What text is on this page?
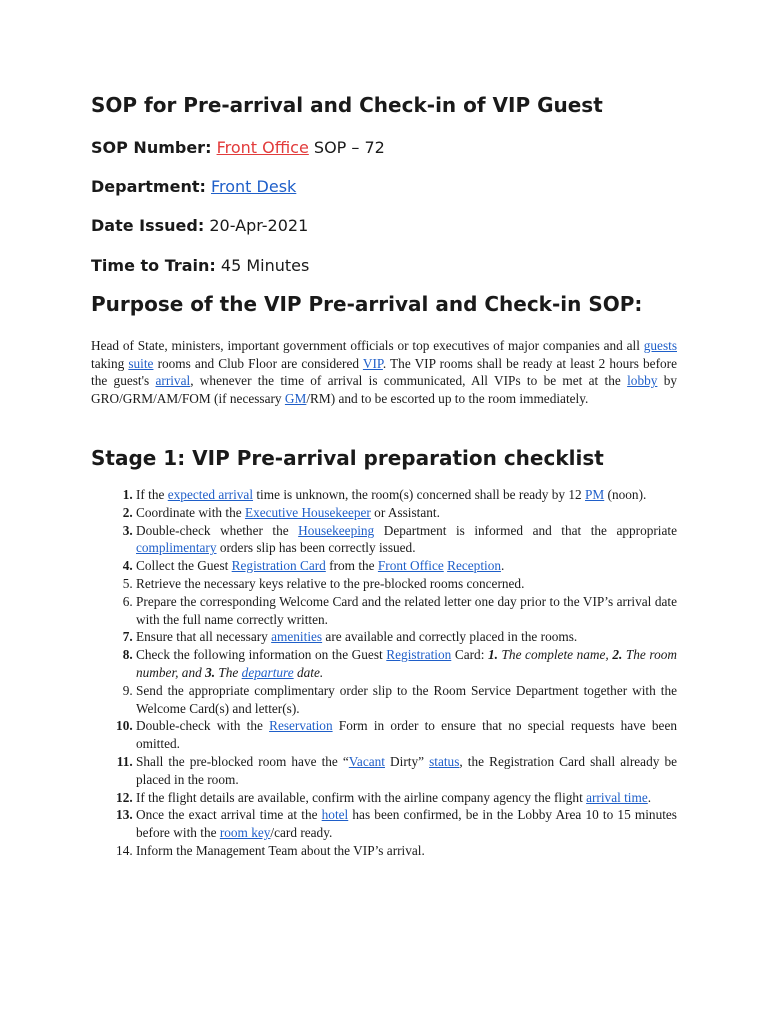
SOP for Pre-arrival and Check-in of VIP Guest
SOP Number: Front Office SOP – 72
Department: Front Desk
Date Issued: 20-Apr-2021
Time to Train: 45 Minutes
Purpose of the VIP Pre-arrival and Check-in SOP:
Head of State, ministers, important government officials or top executives of major companies and all guests taking suite rooms and Club Floor are considered VIP. The VIP rooms shall be ready at least 2 hours before the guest's arrival, whenever the time of arrival is communicated, All VIPs to be met at the lobby by GRO/GRM/AM/FOM (if necessary GM/RM) and to be escorted up to the room immediately.
Stage 1: VIP Pre-arrival preparation checklist
1. If the expected arrival time is unknown, the room(s) concerned shall be ready by 12 PM (noon).
2. Coordinate with the Executive Housekeeper or Assistant.
3. Double-check whether the Housekeeping Department is informed and that the appropriate complimentary orders slip has been correctly issued.
4. Collect the Guest Registration Card from the Front Office Reception.
5. Retrieve the necessary keys relative to the pre-blocked rooms concerned.
6. Prepare the corresponding Welcome Card and the related letter one day prior to the VIP’s arrival date with the full name correctly written.
7. Ensure that all necessary amenities are available and correctly placed in the rooms.
8. Check the following information on the Guest Registration Card: 1. The complete name, 2. The room number, and 3. The departure date.
9. Send the appropriate complimentary order slip to the Room Service Department together with the Welcome Card(s) and letter(s).
10. Double-check with the Reservation Form in order to ensure that no special requests have been omitted.
11. Shall the pre-blocked room have the “Vacant Dirty” status, the Registration Card shall already be placed in the room.
12. If the flight details are available, confirm with the airline company agency the flight arrival time.
13. Once the exact arrival time at the hotel has been confirmed, be in the Lobby Area 10 to 15 minutes before with the room key/card ready.
14. Inform the Management Team about the VIP’s arrival.
